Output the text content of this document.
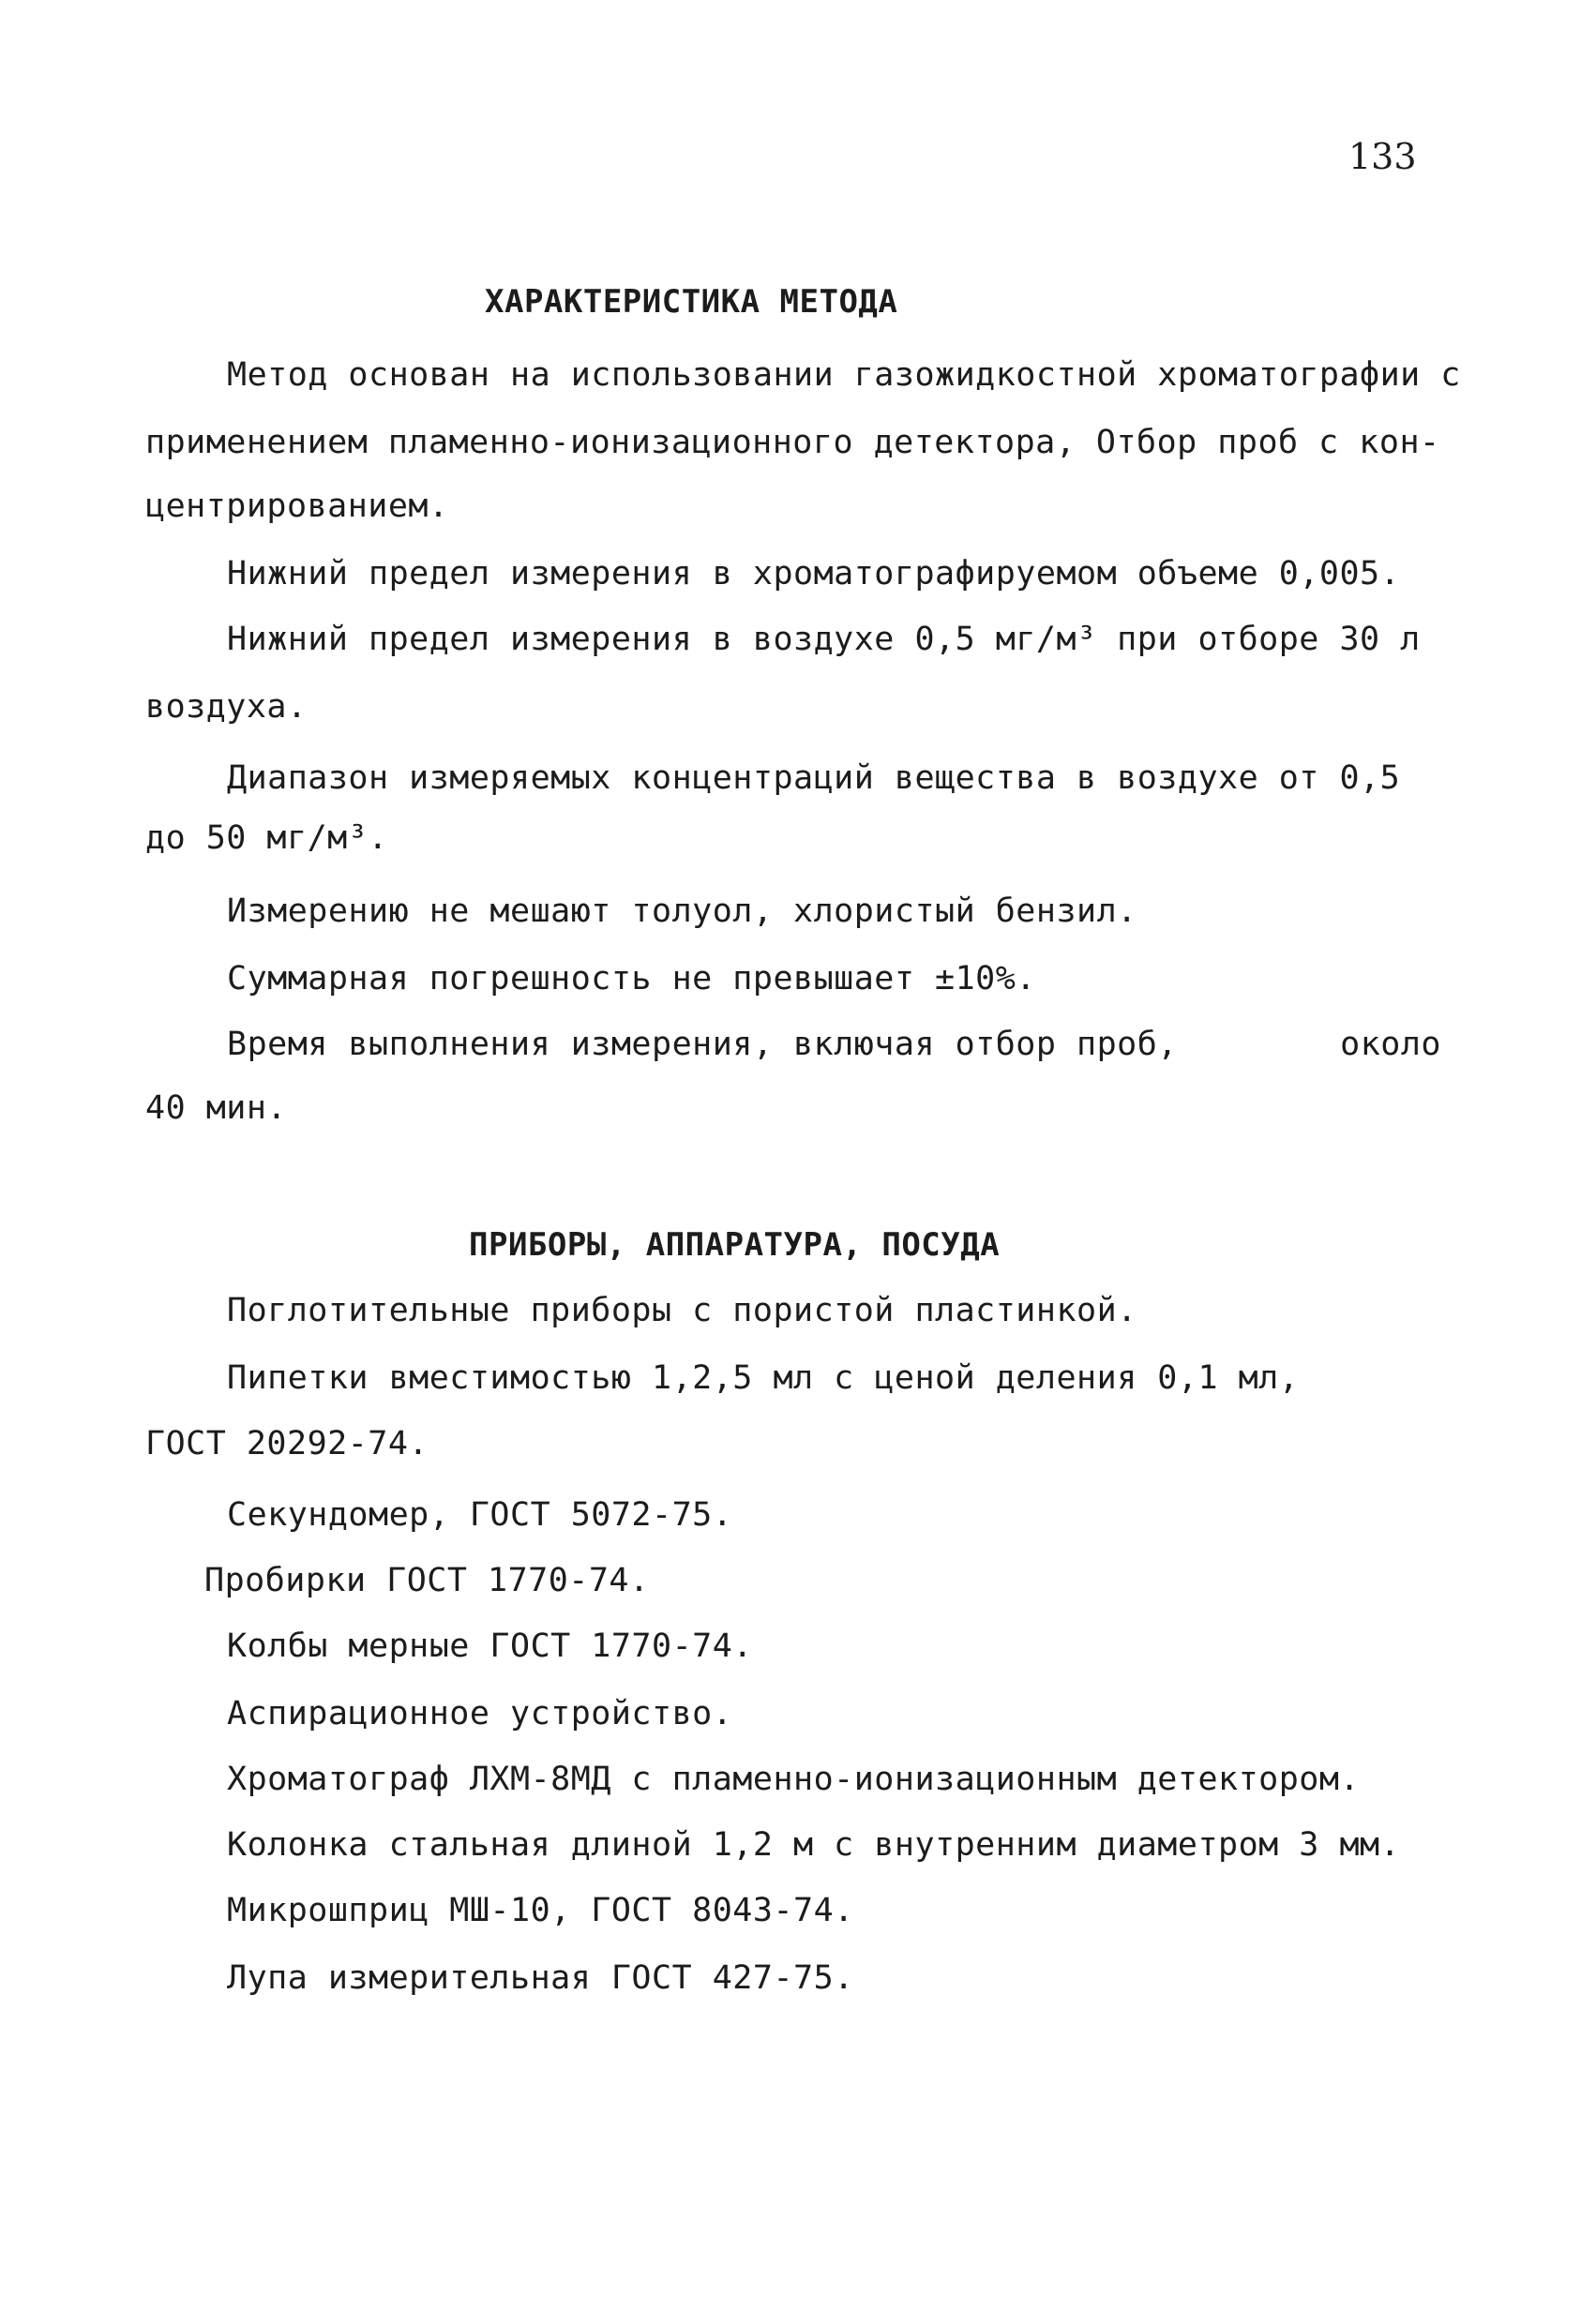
133
ХАРАКТЕРИСТИКА МЕТОДА
Метод основан на использовании газожидкостной хроматографии с
применением пламенно-ионизационного детектора, Отбор проб с кон-
центрированием.
Нижний предел измерения в хроматографируемом объеме 0,005.
Нижний предел измерения в воздухе 0,5 мг/м³ при отборе 30 л
воздуха.
Диапазон измеряемых концентраций вещества в воздухе от 0,5
до 50 мг/м³.
Измерению не мешают толуол, хлористый бензил.
Суммарная погрешность не превышает ±10%.
Время выполнения измерения, включая отбор проб,	около
40 мин.
ПРИБОРЫ, АППАРАТУРА, ПОСУДА
Поглотительные приборы с пористой пластинкой.
Пипетки вместимостью 1,2,5 мл с ценой деления 0,1 мл,
ГОСТ 20292-74.
Секундомер, ГОСТ 5072-75.
Пробирки ГОСТ 1770-74.
Колбы мерные ГОСТ 1770-74.
Аспирационное устройство.
Хроматограф ЛХМ-8МД с пламенно-ионизационным детектором.
Колонка стальная длиной 1,2 м с внутренним диаметром 3 мм.
Микрошприц МШ-10, ГОСТ 8043-74.
Лупа измерительная ГОСТ 427-75.
